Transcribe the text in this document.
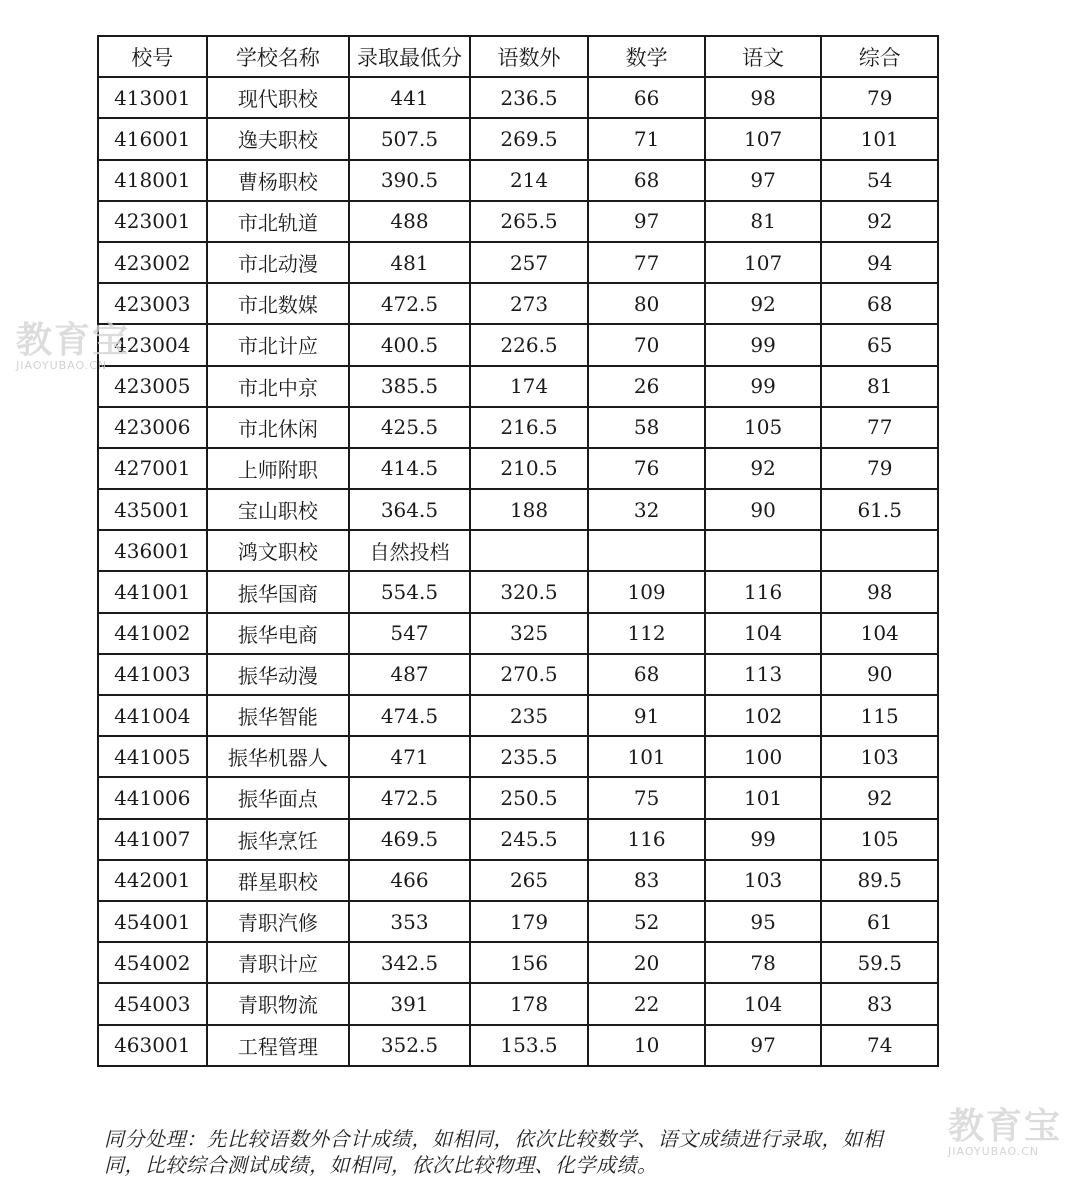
校号	学校名称	录取最低分	语数外	数学	语文	综合
413001	现代职校	441	236.5	66	98	79
416001	逸夫职校	507.5	269.5	71	107	101
418001	曹杨职校	390.5	214	68	97	54
423001	市北轨道	488	265.5	97	81	92
423002	市北动漫	481	257	77	107	94
423003	市北数媒	472.5	273	80	92	68
423004	市北计应	400.5	226.5	70	99	65
423005	市北中京	385.5	174	26	99	81
423006	市北休闲	425.5	216.5	58	105	77
427001	上师附职	414.5	210.5	76	92	79
435001	宝山职校	364.5	188	32	90	61.5
436001	鸿文职校	自然投档				
441001	振华国商	554.5	320.5	109	116	98
441002	振华电商	547	325	112	104	104
441003	振华动漫	487	270.5	68	113	90
441004	振华智能	474.5	235	91	102	115
441005	振华机器人	471	235.5	101	100	103
441006	振华面点	472.5	250.5	75	101	92
441007	振华烹饪	469.5	245.5	116	99	105
442001	群星职校	466	265	83	103	89.5
454001	青职汽修	353	179	52	95	61
454002	青职计应	342.5	156	20	78	59.5
454003	青职物流	391	178	22	104	83
463001	工程管理	352.5	153.5	10	97	74
同分处理：先比较语数外合计成绩，如相同，依次比较数学、语文成绩进行录取，如相
同，比较综合测试成绩，如相同，依次比较物理、化学成绩。
教育宝
JIAOYUBAO.CN
教育宝
JIAOYUBAO.CN
